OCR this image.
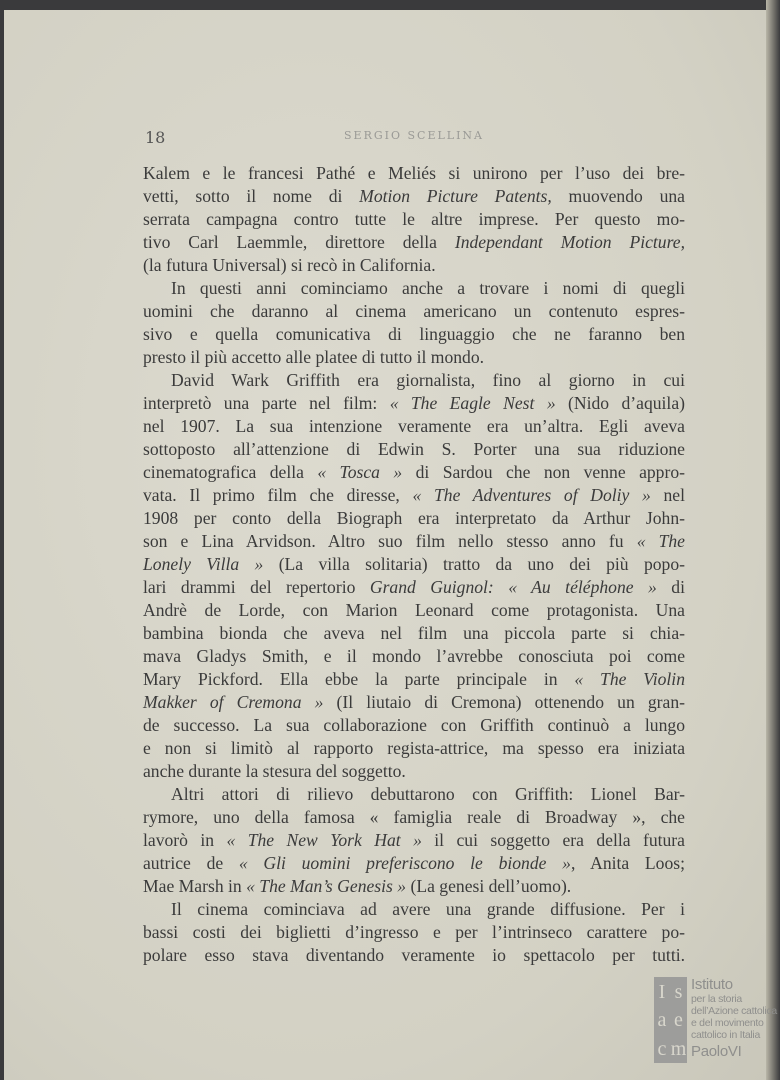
18	SERGIO SCELLINA
Kalem e le francesi Pathé e Meliés si unirono per l’uso dei bre-
vetti, sotto il nome di Motion Picture Patents, muovendo una
serrata campagna contro tutte le altre imprese. Per questo mo-
tivo Carl Laemmle, direttore della Independant Motion Picture,
(la futura Universal) si recò in California.
In questi anni cominciamo anche a trovare i nomi di quegli
uomini che daranno al cinema americano un contenuto espres-
sivo e quella comunicativa di linguaggio che ne faranno ben
presto il più accetto alle platee di tutto il mondo.
David Wark Griffith era giornalista, fino al giorno in cui
interpretò una parte nel film: « The Eagle Nest » (Nido d’aquila)
nel 1907. La sua intenzione veramente era un’altra. Egli aveva
sottoposto all’attenzione di Edwin S. Porter una sua riduzione
cinematografica della « Tosca » di Sardou che non venne appro-
vata. Il primo film che diresse, « The Adventures of Doliy » nel
1908 per conto della Biograph era interpretato da Arthur John-
son e Lina Arvidson. Altro suo film nello stesso anno fu « The
Lonely Villa » (La villa solitaria) tratto da uno dei più popo-
lari drammi del repertorio Grand Guignol: « Au téléphone » di
Andrè de Lorde, con Marion Leonard come protagonista. Una
bambina bionda che aveva nel film una piccola parte si chia-
mava Gladys Smith, e il mondo l’avrebbe conosciuta poi come
Mary Pickford. Ella ebbe la parte principale in « The Violin
Makker of Cremona » (Il liutaio di Cremona) ottenendo un gran-
de successo. La sua collaborazione con Griffith continuò a lungo
e non si limitò al rapporto regista-attrice, ma spesso era iniziata
anche durante la stesura del soggetto.
Altri attori di rilievo debuttarono con Griffith: Lionel Bar-
rymore, uno della famosa « famiglia reale di Broadway », che
lavorò in « The New York Hat » il cui soggetto era della futura
autrice de « Gli uomini preferiscono le bionde », Anita Loos;
Mae Marsh in « The Man’s Genesis » (La genesi dell’uomo).
Il cinema cominciava ad avere una grande diffusione. Per i
bassi costi dei biglietti d’ingresso e per l’intrinseco carattere po-
polare esso stava diventando veramente io spettacolo per tutti.
I s
a e
c m
Istituto
per la storia
dell’Azione cattolica
e del movimento
cattolico in Italia
PaoloVI
